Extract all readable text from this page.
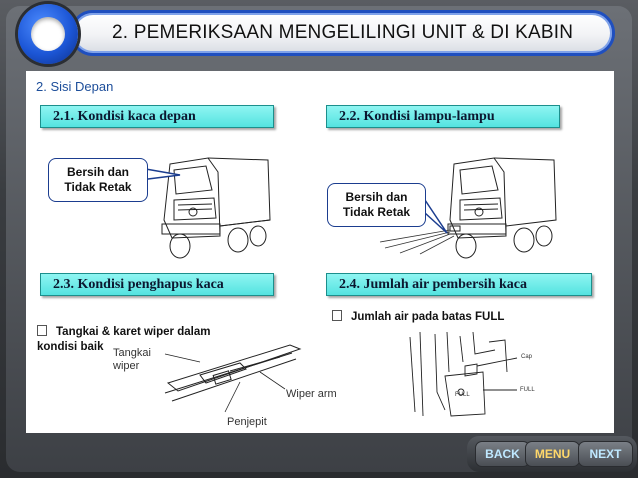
2. PEMERIKSAAN MENGELILINGI UNIT & DI KABIN
2. Sisi Depan
2.1. Kondisi kaca depan	2.2. Kondisi lampu-lampu
2.3. Kondisi penghapus kaca	2.4. Jumlah air pembersih kaca
Bersih dan
Tidak Retak
Bersih dan
Tidak Retak

Tangkai & karet wiper dalam
kondisi baik Tangkai
wiper
Wiper arm
Penjepit
Jumlah air pada batas FULL
Cap
FULL
FULL
BACK	MENU	NEXT
